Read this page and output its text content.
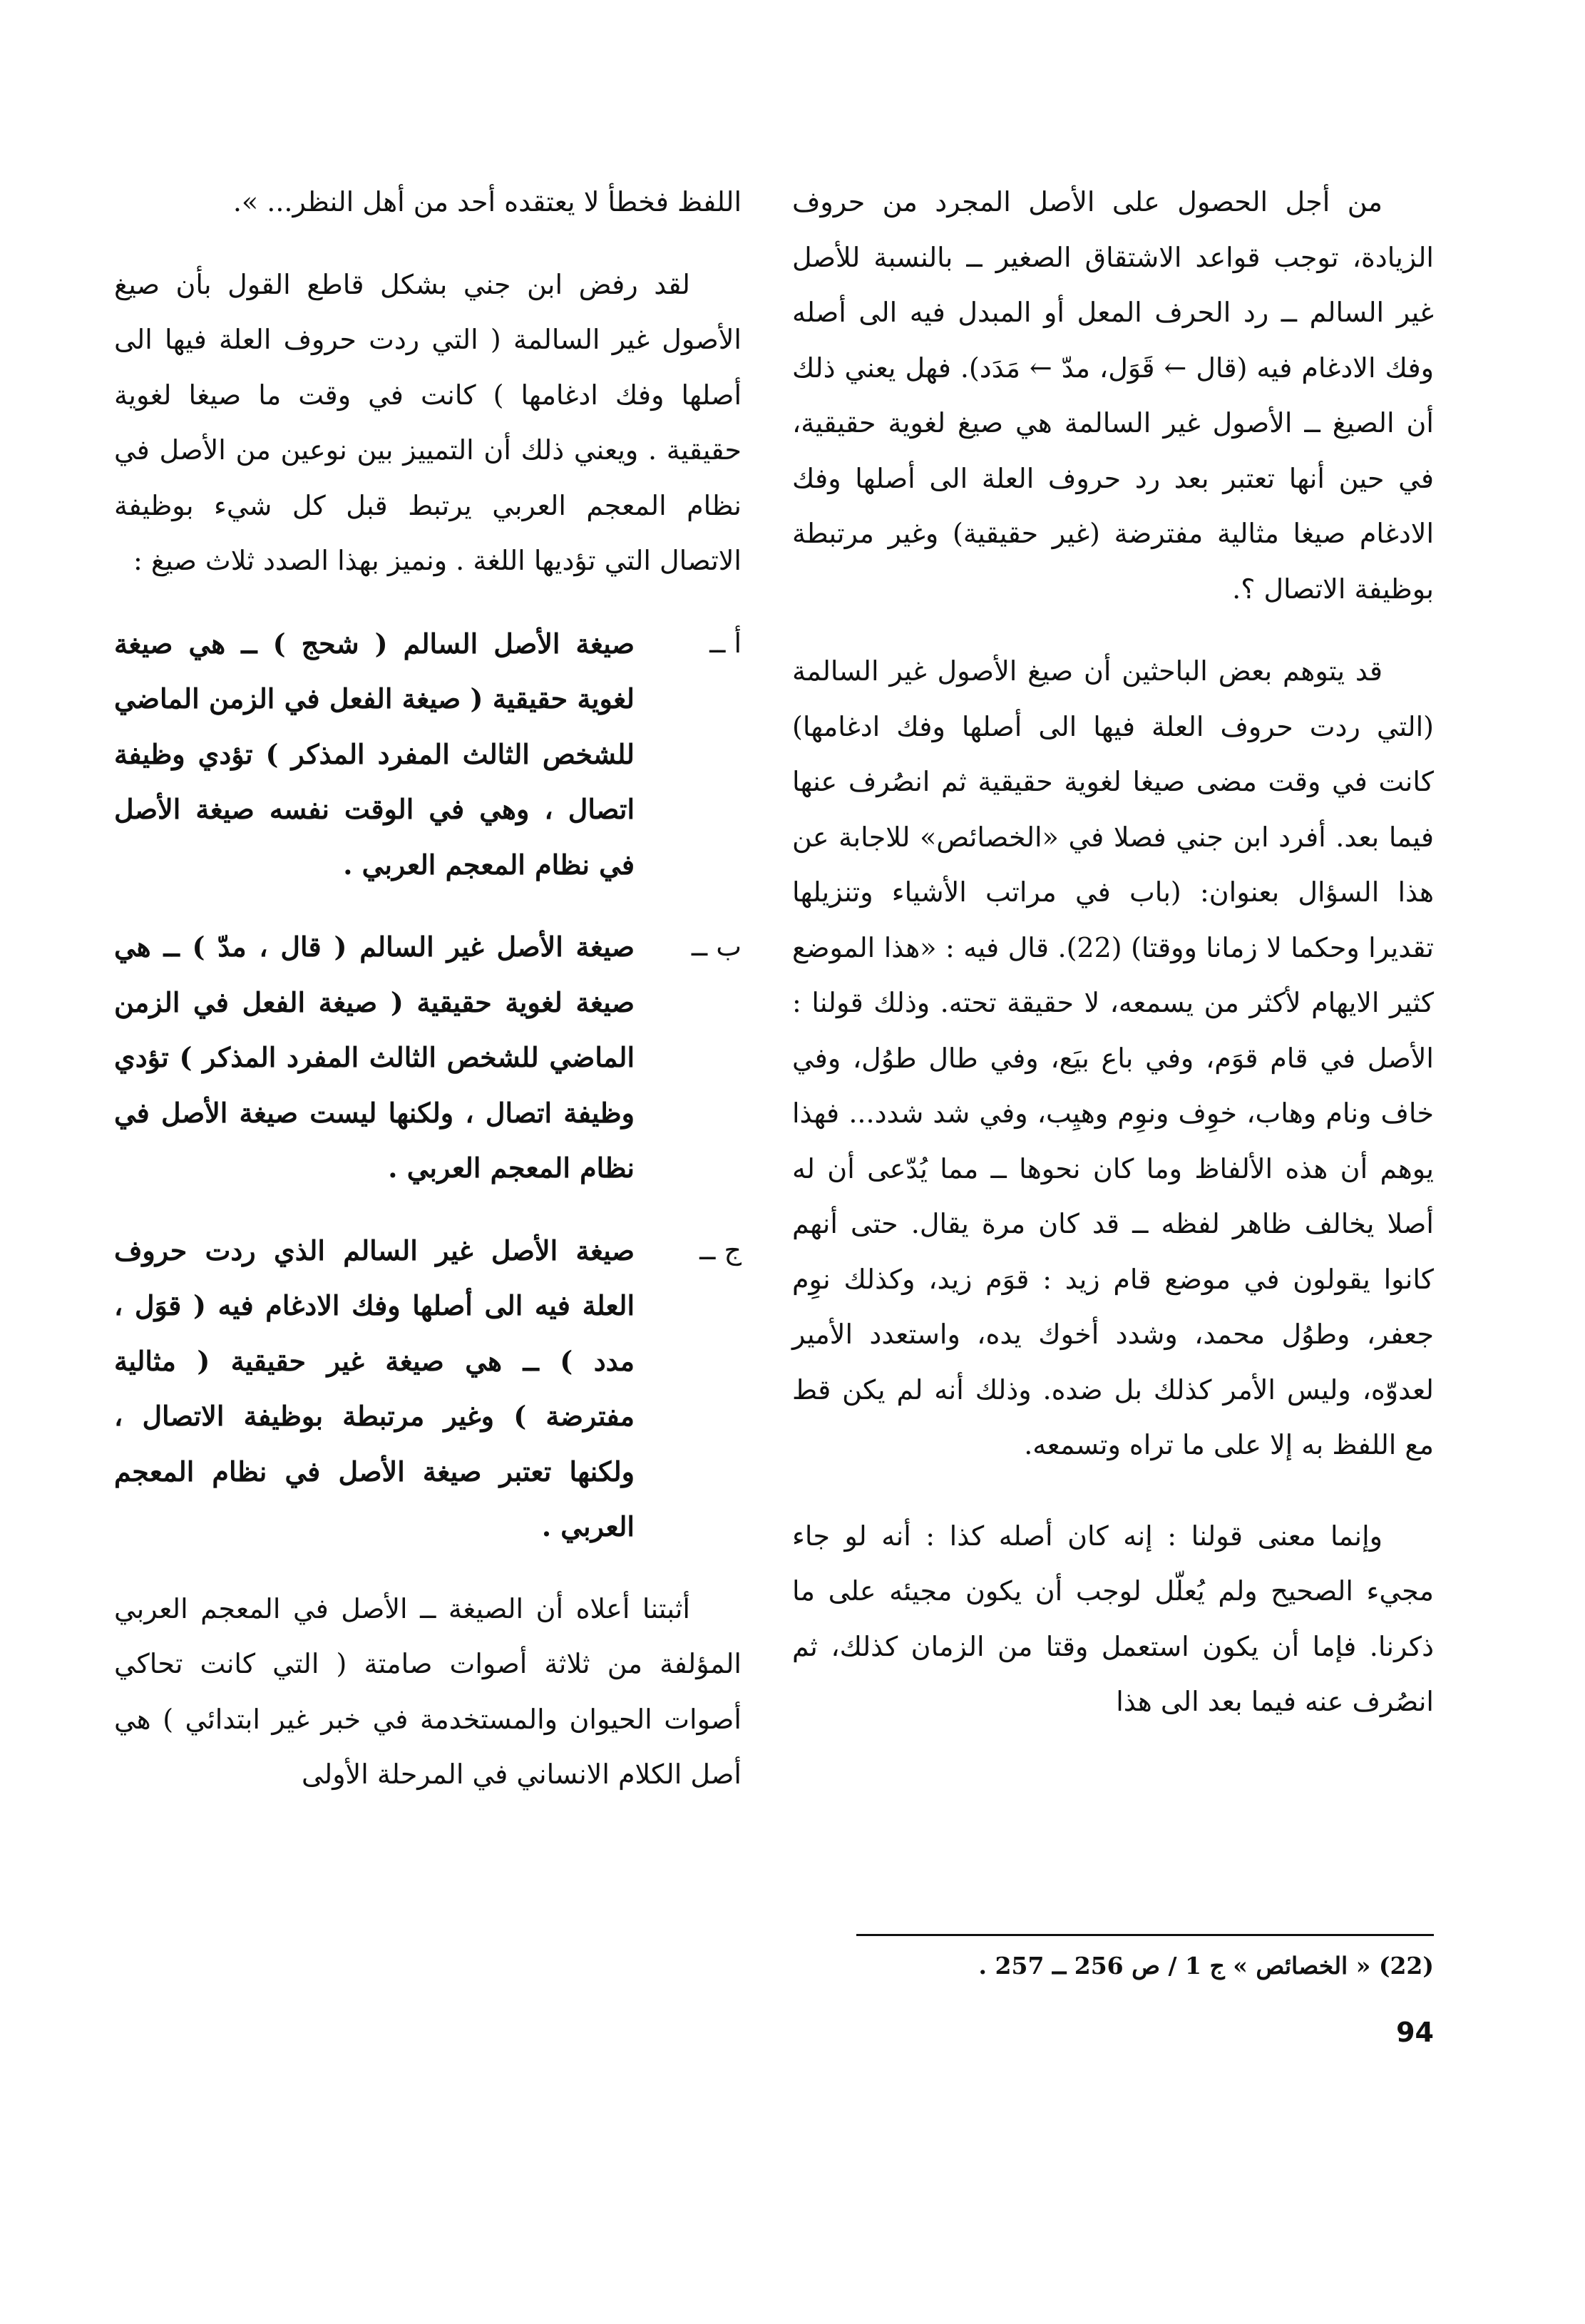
من أجل الحصول على الأصل المجرد من حروف الزيادة، توجب قواعد الاشتقاق الصغير ــ بالنسبة للأصل غير السالم ــ رد الحرف المعل أو المبدل فيه الى أصله وفك الادغام فيه (قال ← قَوَل، مدّ ← مَدَد). فهل يعني ذلك أن الصيغ ــ الأصول غير السالمة هي صيغ لغوية حقيقية، في حين أنها تعتبر بعد رد حروف العلة الى أصلها وفك الادغام صيغا مثالية مفترضة (غير حقيقية) وغير مرتبطة بوظيفة الاتصال ؟.

قد يتوهم بعض الباحثين أن صيغ الأصول غير السالمة (التي ردت حروف العلة فيها الى أصلها وفك ادغامها) كانت في وقت مضى صيغا لغوية حقيقية ثم انصُرف عنها فيما بعد. أفرد ابن جني فصلا في «الخصائص» للاجابة عن هذا السؤال بعنوان: (باب في مراتب الأشياء وتنزيلها تقديرا وحكما لا زمانا ووقتا) (22). قال فيه : «هذا الموضع كثير الايهام لأكثر من يسمعه، لا حقيقة تحته. وذلك قولنا : الأصل في قام قوَم، وفي باع بيَع، وفي طال طوُل، وفي خاف ونام وهاب، خوِف ونوِم وهيِب، وفي شد شدد... فهذا يوهم أن هذه الألفاظ وما كان نحوها ــ مما يُدّعى أن له أصلا يخالف ظاهر لفظه ــ قد كان مرة يقال. حتى أنهم كانوا يقولون في موضع قام زيد : قوَم زيد، وكذلك نوِم جعفر، وطوُل محمد، وشدد أخوك يده، واستعدد الأمير لعدوّه، وليس الأمر كذلك بل ضده. وذلك أنه لم يكن قط مع اللفظ به إلا على ما تراه وتسمعه.

وإنما معنى قولنا : إنه كان أصله كذا : أنه لو جاء مجيء الصحيح ولم يُعلّل لوجب أن يكون مجيئه على ما ذكرنا. فإما أن يكون استعمل وقتا من الزمان كذلك، ثم انصُرف عنه فيما بعد الى هذا

اللفظ فخطأ لا يعتقده أحد من أهل النظر... ».

لقد رفض ابن جني بشكل قاطع القول بأن صيغ الأصول غير السالمة ( التي ردت حروف العلة فيها الى أصلها وفك ادغامها ) كانت في وقت ما صيغا لغوية حقيقية . ويعني ذلك أن التمييز بين نوعين من الأصل في نظام المعجم العربي يرتبط قبل كل شيء بوظيفة الاتصال التي تؤديها اللغة . ونميز بهذا الصدد ثلاث صيغ :

أ ــ

صيغة الأصل السالم ( شحج ) ــ هي صيغة لغوية حقيقية ( صيغة الفعل في الزمن الماضي للشخص الثالث المفرد المذكر ) تؤدي وظيفة اتصال ، وهي في الوقت نفسه صيغة الأصل في نظام المعجم العربي .

ب ــ

صيغة الأصل غير السالم ( قال ، مدّ ) ــ هي صيغة لغوية حقيقية ( صيغة الفعل في الزمن الماضي للشخص الثالث المفرد المذكر ) تؤدي وظيفة اتصال ، ولكنها ليست صيغة الأصل في نظام المعجم العربي .

ج ــ

صيغة الأصل غير السالم الذي ردت حروف العلة فيه الى أصلها وفك الادغام فيه ( قوَل ، مدد ) ــ هي صيغة غير حقيقية ( مثالية مفترضة ) وغير مرتبطة بوظيفة الاتصال ، ولكنها تعتبر صيغة الأصل في نظام المعجم العربي .

أثبتنا أعلاه أن الصيغة ــ الأصل في المعجم العربي المؤلفة من ثلاثة أصوات صامتة ( التي كانت تحاكي أصوات الحيوان والمستخدمة في خبر غير ابتدائي ) هي أصل الكلام الانساني في المرحلة الأولى

(22) « الخصائص » ج 1 / ص 256 ــ 257 .
94
